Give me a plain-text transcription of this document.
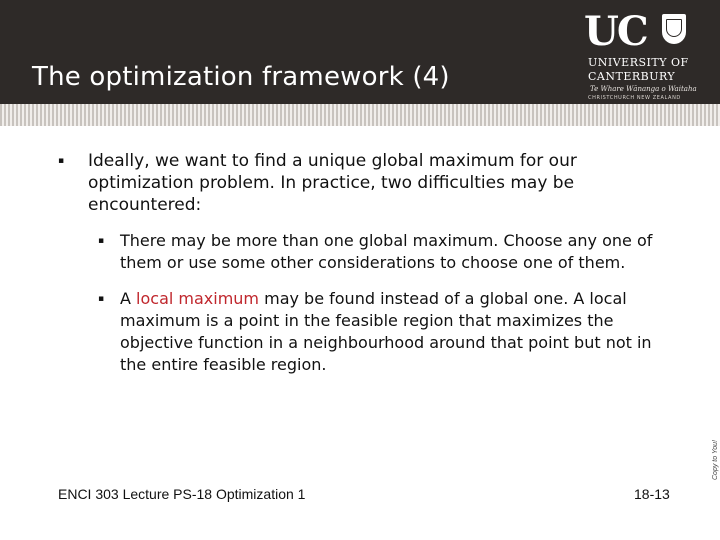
The optimization framework (4)
UC
UNIVERSITY OF
CANTERBURY
Te Whare Wānanga o Waitaha
CHRISTCHURCH NEW ZEALAND
▪ Ideally, we want to find a unique global maximum for our optimization problem. In practice, two difficulties may be encountered:
▪ There may be more than one global maximum. Choose any one of them or use some other considerations to choose one of them.
▪ A local maximum may be found instead of a global one. A local maximum is a point in the feasible region that maximizes the objective function in a neighbourhood around that point but not in the entire feasible region.
ENCI 303 Lecture PS-18 Optimization 1	18-13
Copy to You!
